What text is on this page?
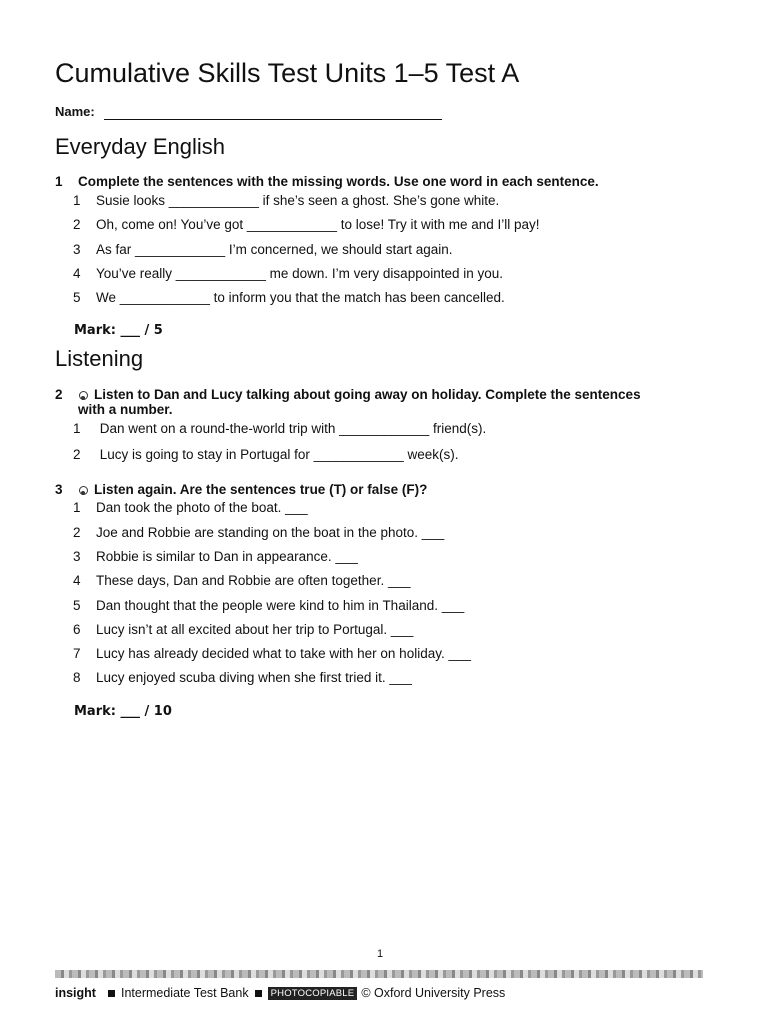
Cumulative Skills Test Units 1–5 Test A
Name:
Everyday English
1 Complete the sentences with the missing words. Use one word in each sentence.
1 Susie looks ____________ if she’s seen a ghost. She’s gone white.
2 Oh, come on! You’ve got ____________ to lose! Try it with me and I’ll pay!
3 As far ____________ I’m concerned, we should start again.
4 You’ve really ____________ me down. I’m very disappointed in you.
5 We ____________ to inform you that the match has been cancelled.
Mark: ___ / 5
Listening
2	Listen to Dan and Lucy talking about going away on holiday. Complete the sentences
with a number.
1 Dan went on a round-the-world trip with ____________ friend(s).
2 Lucy is going to stay in Portugal for ____________ week(s).
3	Listen again. Are the sentences true (T) or false (F)?
1 Dan took the photo of the boat. ___
2 Joe and Robbie are standing on the boat in the photo. ___
3 Robbie is similar to Dan in appearance. ___
4 These days, Dan and Robbie are often together. ___
5 Dan thought that the people were kind to him in Thailand. ___
6 Lucy isn’t at all excited about her trip to Portugal. ___
7 Lucy has already decided what to take with her on holiday. ___
8 Lucy enjoyed scuba diving when she first tried it. ___
Mark: ___ / 10
1
insight Intermediate Test Bank	PHOTOCOPIABLE © Oxford University Press
